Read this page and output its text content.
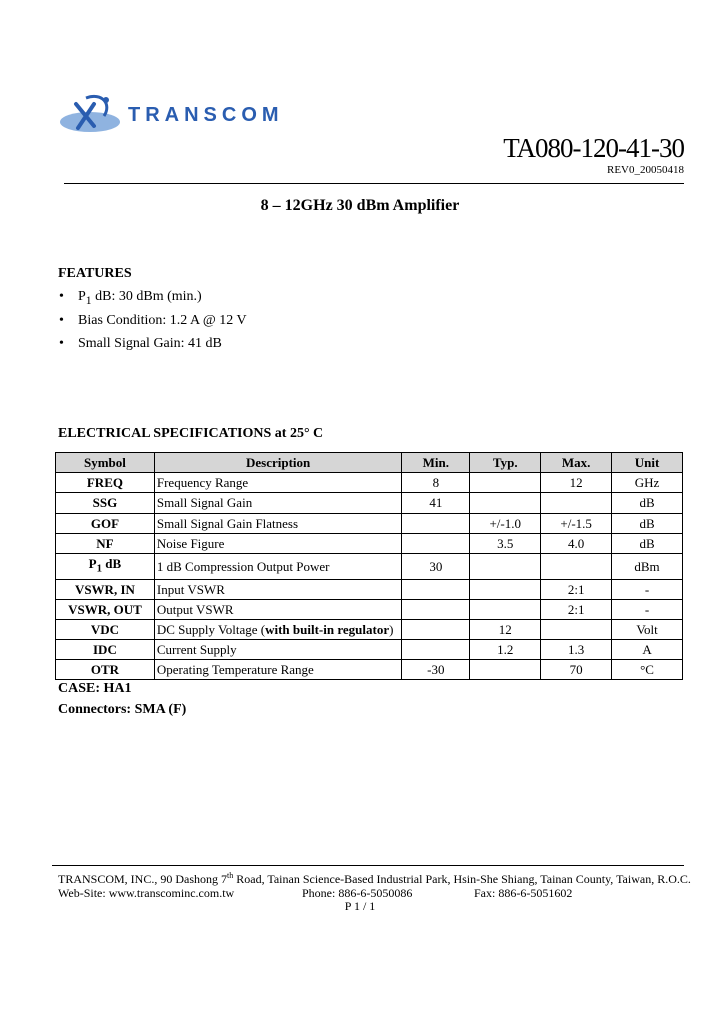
TRANSCOM
TA080-120-41-30
REV0_20050418
8 – 12GHz 30 dBm Amplifier
FEATURES
• $P_1$ dB: 30 dBm (min.)
• Bias Condition: 1.2 A @ 12 V
• Small Signal Gain: 41 dB
ELECTRICAL SPECIFICATIONS at 25° C
Symbol	Description	Min.	Typ.	Max.	Unit
FREQ	Frequency Range	8		12	GHz
SSG	Small Signal Gain	41			dB
GOF	Small Signal Gain Flatness		+/-1.0	+/-1.5	dB
NF	Noise Figure		3.5	4.0	dB
$P_1$ dB	1 dB Compression Output Power	30			dBm
VSWR, IN	Input VSWR			2:1	-
VSWR, OUT	Output VSWR			2:1	-
VDC	DC Supply Voltage (with built-in regulator)		12		Volt
IDC	Current Supply		1.2	1.3	A
OTR	Operating Temperature Range	-30		70	°C
CASE: HA1
Connectors: SMA (F)
TRANSCOM, INC., 90 Dashong 7th Road, Tainan Science-Based Industrial Park, Hsin-She Shiang, Tainan County, Taiwan, R.O.C.
Web-Site: www.transcominc.com.tw	Phone: 886-6-5050086	Fax: 886-6-5051602
P 1 / 1
